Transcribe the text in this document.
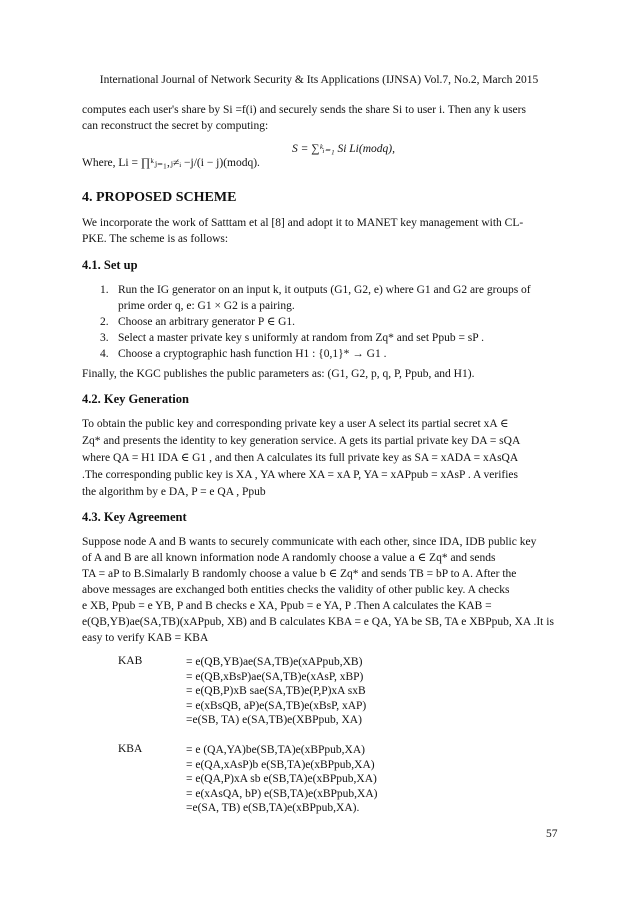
International Journal of Network Security & Its Applications (IJNSA) Vol.7, No.2, March 2015
computes each user's share by Si =f(i) and securely sends the share Si to user i. Then any k users
can reconstruct the secret by computing:
S = ∑ᵏᵢ₌₁ Si Li(modq),
Where, Li = ∏ᵏⱼ₌₁,ⱼ≠ᵢ −j/(i − j)(modq).
4. PROPOSED SCHEME
We incorporate the work of Satttam et al [8] and adopt it to MANET key management with CL-
PKE. The scheme is as follows:
4.1. Set up
1. Run the IG generator on an input k, it outputs (G1, G2, e) where G1 and G2 are groups of
prime order q, e: G1 × G2 is a pairing.
2. Choose an arbitrary generator P ∈ G1.
3. Select a master private key s uniformly at random from Zq* and set Ppub = sP .
4. Choose a cryptographic hash function H1 : {0,1}* → G1 .
Finally, the KGC publishes the public parameters as: (G1, G2, p, q, P, Ppub, and H1).
4.2. Key Generation
To obtain the public key and corresponding private key a user A select its partial secret xA ∈
Zq* and presents the identity to key generation service. A gets its partial private key DA = sQA
where QA = H1 IDA ∈ G1 , and then A calculates its full private key as SA = xADA = xAsQA
.The corresponding public key is XA , YA where XA = xA P, YA = xAPpub = xAsP . A verifies
the algorithm by e DA, P = e QA , Ppub
4.3. Key Agreement
Suppose node A and B wants to securely communicate with each other, since IDA, IDB public key
of A and B are all known information node A randomly choose a value a ∈ Zq* and sends
TA = aP to B.Simalarly B randomly choose a value b ∈ Zq* and sends TB = bP to A. After the
above messages are exchanged both entities checks the validity of other public key. A checks
e XB, Ppub = e YB, P and B checks e XA, Ppub = e YA, P .Then A calculates the KAB =
e(QB,YB)ae(SA,TB)(xAPpub, XB) and B calculates KBA = e QA, YA be SB, TA e XBPpub, XA .It is
easy to verify KAB = KBA
KAB	= e(QB,YB)ae(SA,TB)e(xAPpub,XB)
= e(QB,xBsP)ae(SA,TB)e(xAsP, xBP)
= e(QB,P)xB sae(SA,TB)e(P,P)xA sxB
= e(xBsQB, aP)e(SA,TB)e(xBsP, xAP)
=e(SB, TA) e(SA,TB)e(XBPpub, XA)
KBA	= e (QA,YA)be(SB,TA)e(xBPpub,XA)
= e(QA,xAsP)b e(SB,TA)e(xBPpub,XA)
= e(QA,P)xA sb e(SB,TA)e(xBPpub,XA)
= e(xAsQA, bP) e(SB,TA)e(xBPpub,XA)
=e(SA, TB) e(SB,TA)e(xBPpub,XA).
57
